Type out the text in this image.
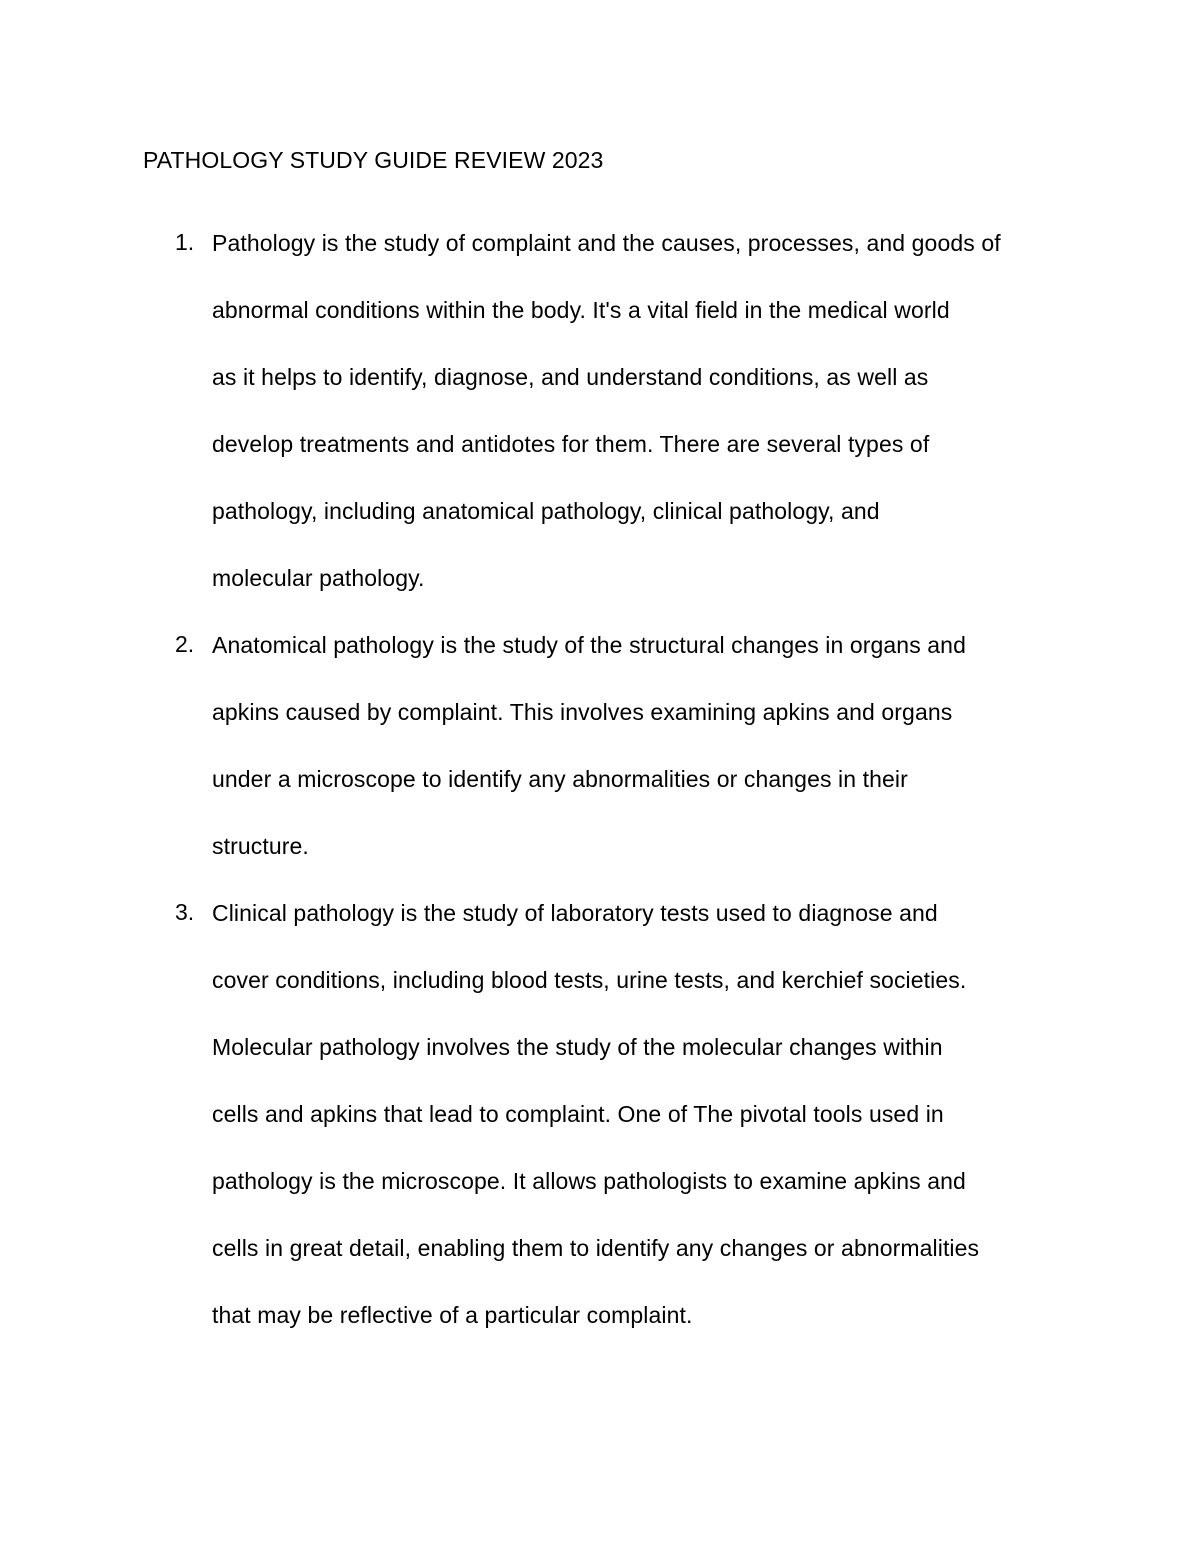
PATHOLOGY STUDY GUIDE REVIEW 2023
1. Pathology is the study of complaint and the causes, processes, and goods of
abnormal conditions within the body. It's a vital field in the medical world
as it helps to identify, diagnose, and understand conditions, as well as
develop treatments and antidotes for them. There are several types of
pathology, including anatomical pathology, clinical pathology, and
molecular pathology.
2. Anatomical pathology is the study of the structural changes in organs and
apkins caused by complaint. This involves examining apkins and organs
under a microscope to identify any abnormalities or changes in their
structure.
3. Clinical pathology is the study of laboratory tests used to diagnose and
cover conditions, including blood tests, urine tests, and kerchief societies.
Molecular pathology involves the study of the molecular changes within
cells and apkins that lead to complaint. One of The pivotal tools used in
pathology is the microscope. It allows pathologists to examine apkins and
cells in great detail, enabling them to identify any changes or abnormalities
that may be reflective of a particular complaint.
